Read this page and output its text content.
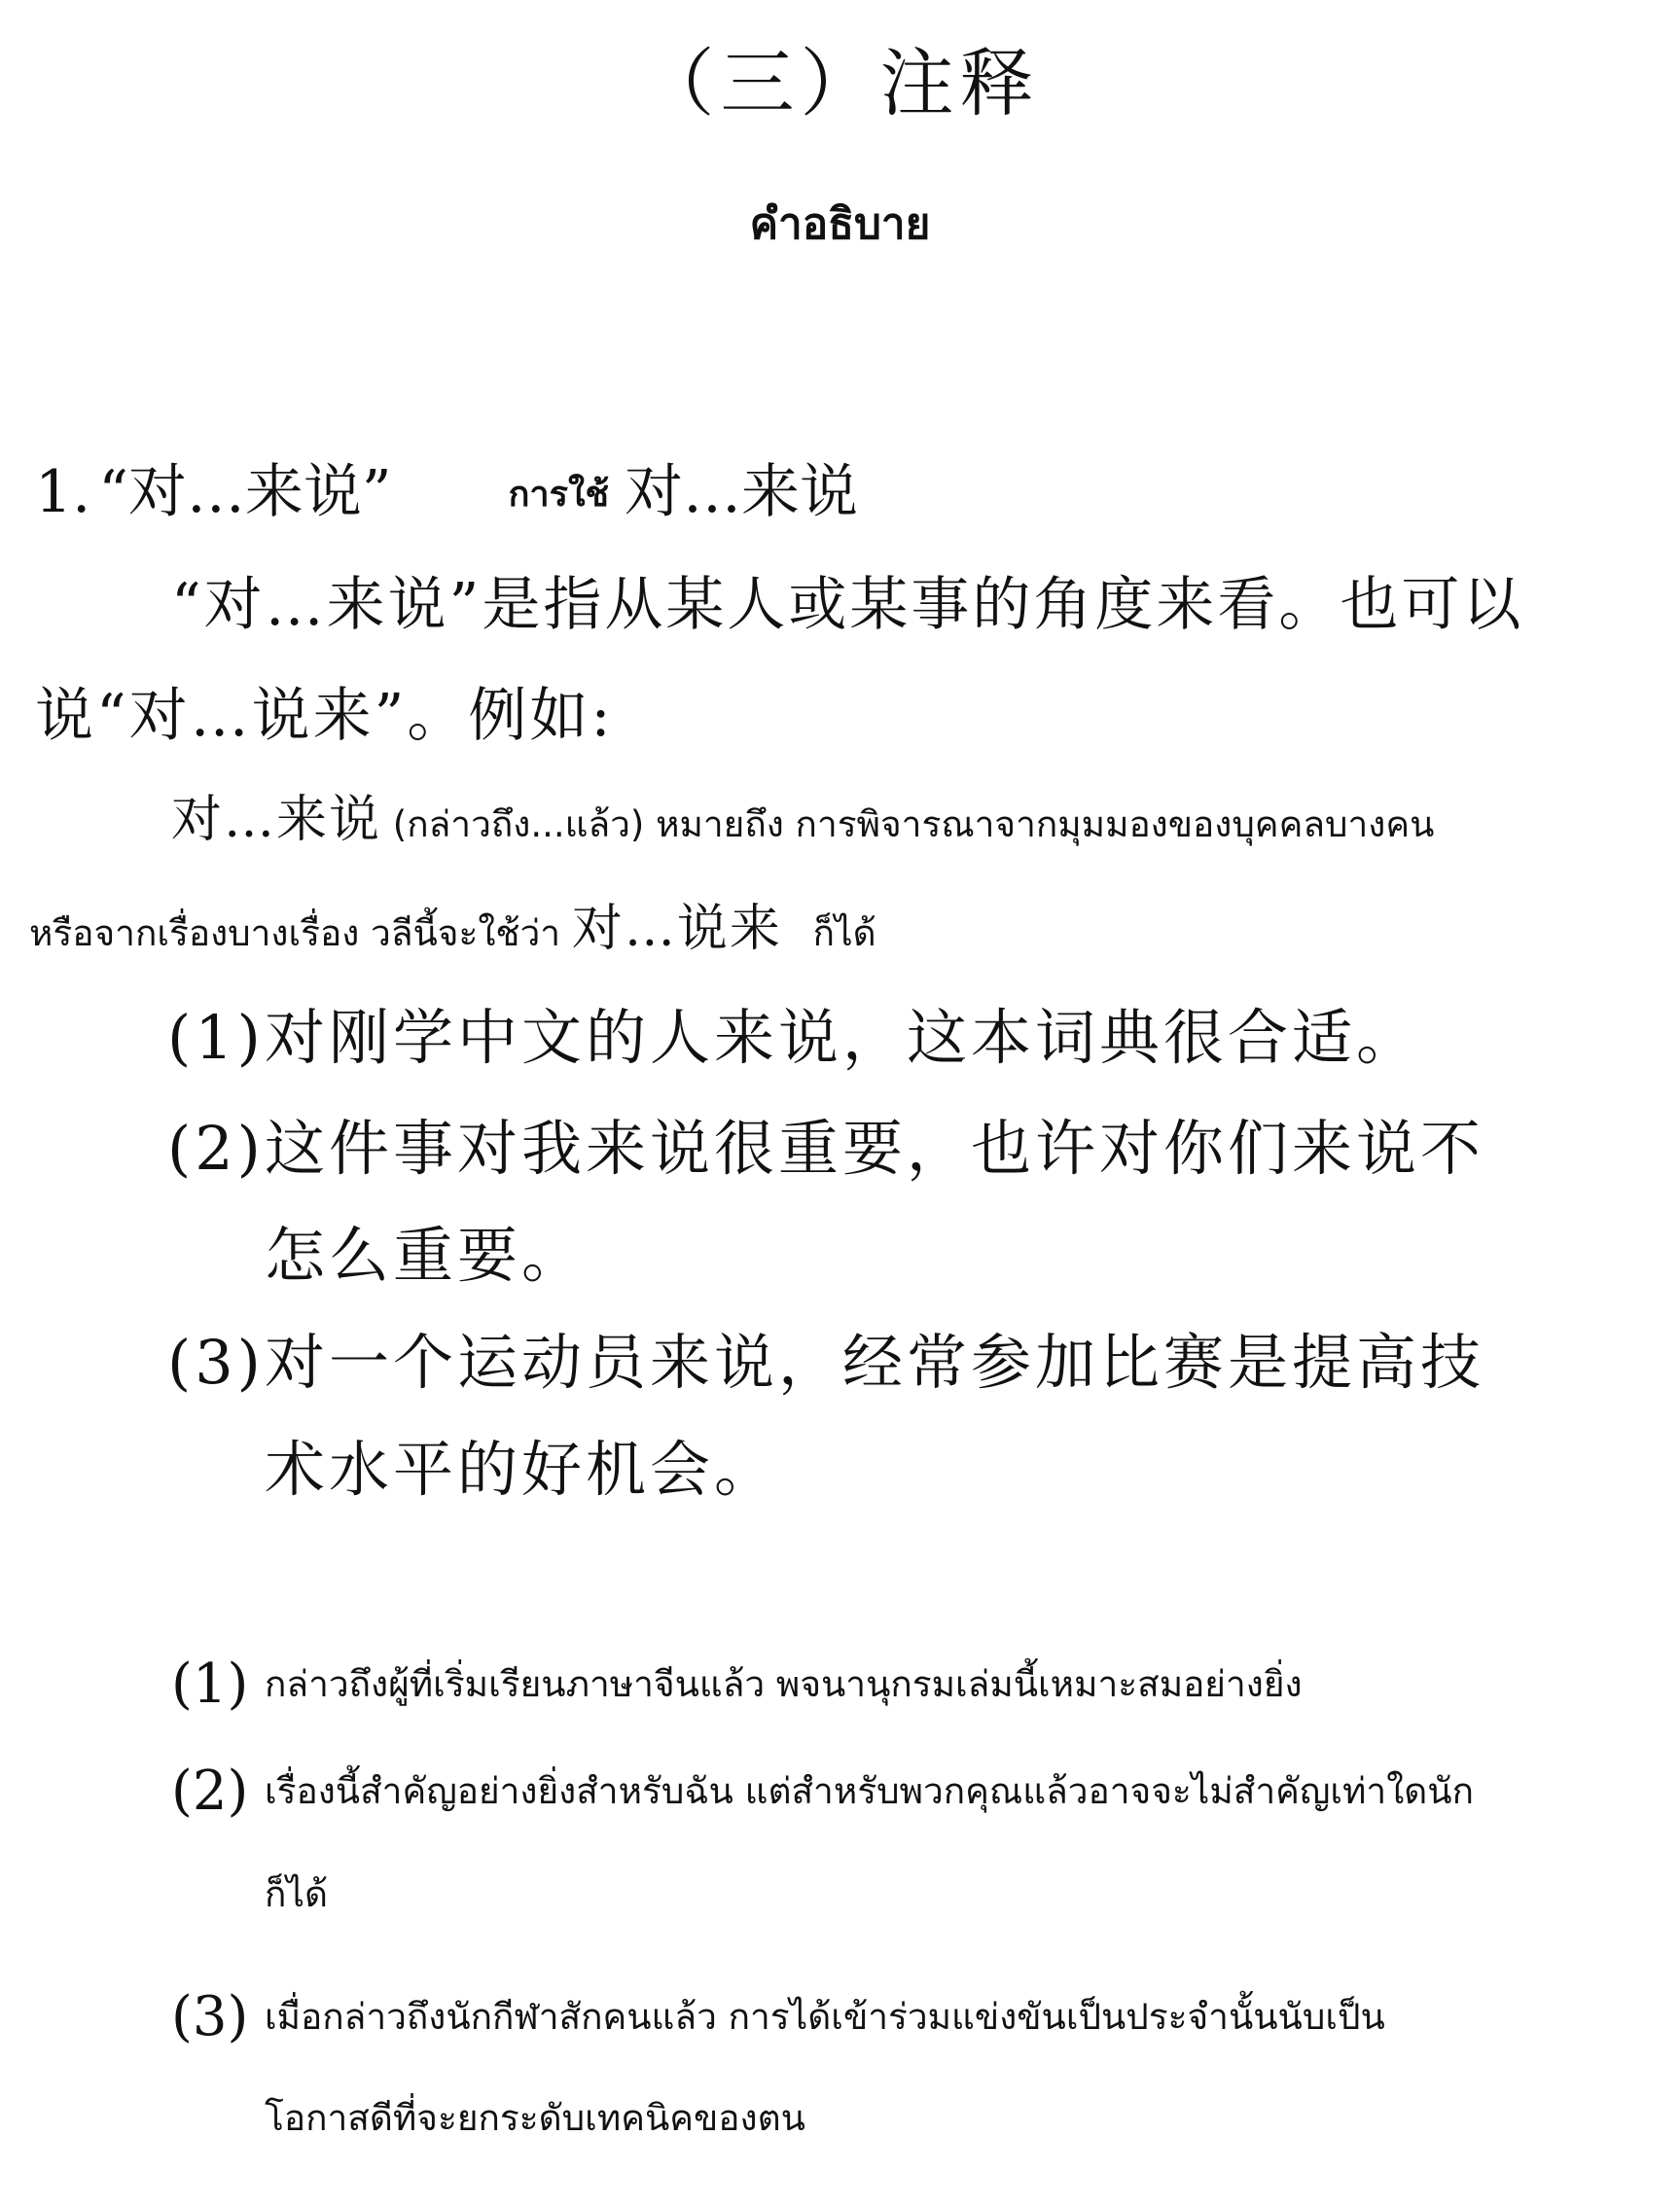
（三）注释
คำอธิบาย
1. “对…来说”	การใช้ 对…来说
“对…来说”是指从某人或某事的角度来看。也可以
说“对…说来”。例如:
对…来说 (กล่าวถึง...แล้ว) หมายถึง การพิจารณาจากมุมมองของบุคคลบางคน
หรือจากเรื่องบางเรื่อง วลีนี้จะใช้ว่า 对…说来 ก็ได้
(1)对刚学中文的人来说，这本词典很合适。
(2)这件事对我来说很重要，也许对你们来说不
怎么重要。
(3)对一个运动员来说，经常参加比赛是提高技
术水平的好机会。
(1) กล่าวถึงผู้ที่เริ่มเรียนภาษาจีนแล้ว พจนานุกรมเล่มนี้เหมาะสมอย่างยิ่ง
(2) เรื่องนี้สำคัญอย่างยิ่งสำหรับฉัน แต่สำหรับพวกคุณแล้วอาจจะไม่สำคัญเท่าใดนัก
ก็ได้
(3) เมื่อกล่าวถึงนักกีฬาสักคนแล้ว การได้เข้าร่วมแข่งขันเป็นประจำนั้นนับเป็น
โอกาสดีที่จะยกระดับเทคนิคของตน
